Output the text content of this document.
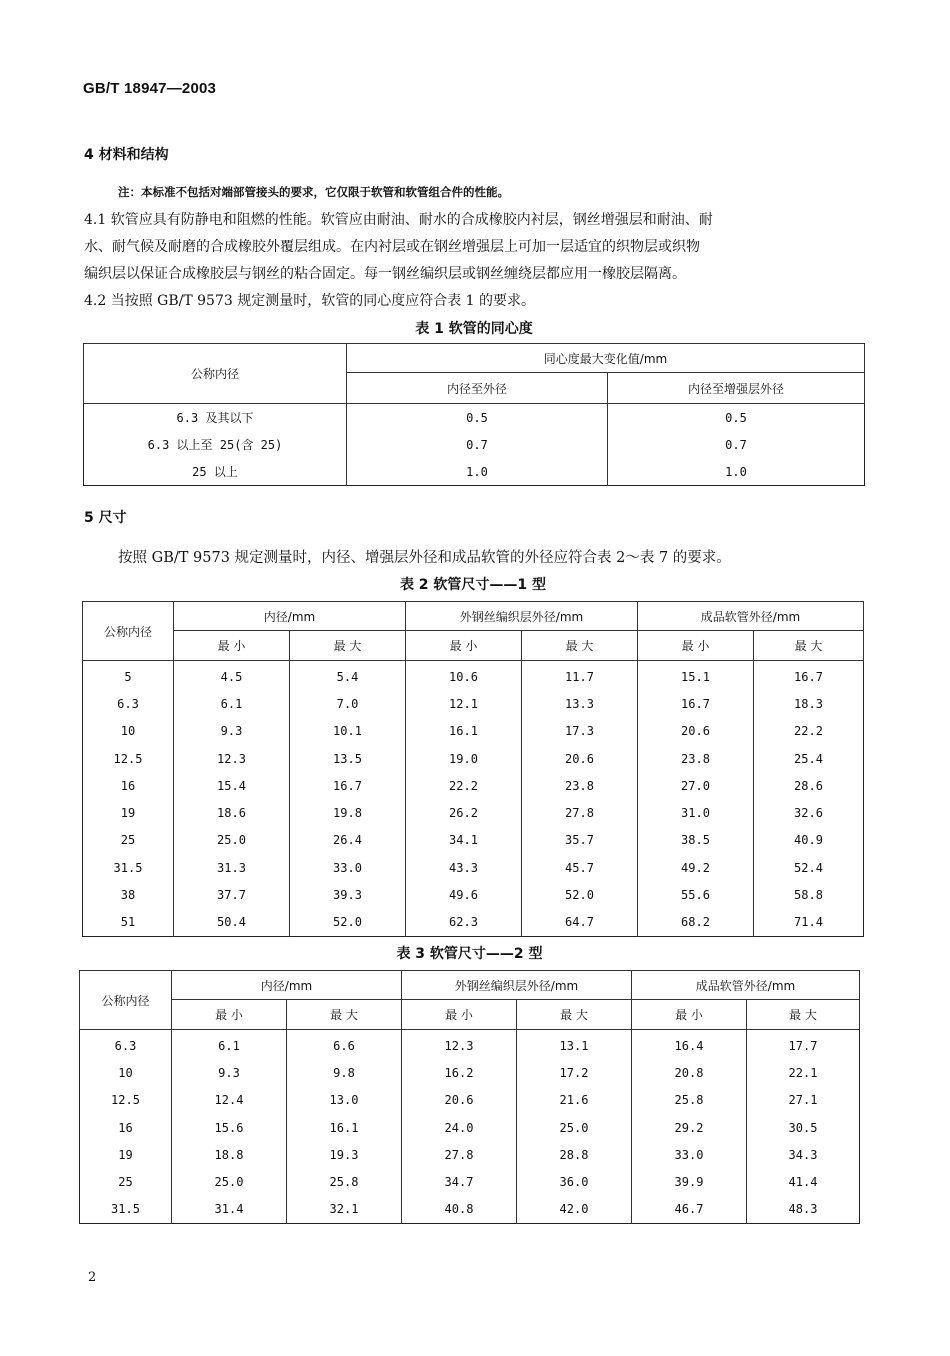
GB/T 18947—2003
4 材料和结构
注：本标准不包括对端部管接头的要求，它仅限于软管和软管组合件的性能。
4.1 软管应具有防静电和阻燃的性能。软管应由耐油、耐水的合成橡胶内衬层，钢丝增强层和耐油、耐
水、耐气候及耐磨的合成橡胶外覆层组成。在内衬层或在钢丝增强层上可加一层适宜的织物层或织物
编织层以保证合成橡胶层与钢丝的粘合固定。每一钢丝编织层或钢丝缠绕层都应用一橡胶层隔离。
4.2 当按照 GB/T 9573 规定测量时，软管的同心度应符合表 1 的要求。
表 1 软管的同心度
公称内径	同心度最大变化值/mm	
	内径至外径	内径至增强层外径
6.3 及其以下	0.5	0.5
6.3 以上至 25(含 25)	0.7	0.7
25 以上	1.0	1.0
5 尺寸
按照 GB/T 9573 规定测量时，内径、增强层外径和成品软管的外径应符合表 2～表 7 的要求。
表 2 软管尺寸——1 型
公称内径	内径/mm		外钢丝编织层外径/mm		成品软管外径/mm	
	最 小	最 大	最 小	最 大	最 小	最 大
5	4.5	5.4	10.6	11.7	15.1	16.7
6.3	6.1	7.0	12.1	13.3	16.7	18.3
10	9.3	10.1	16.1	17.3	20.6	22.2
12.5	12.3	13.5	19.0	20.6	23.8	25.4
16	15.4	16.7	22.2	23.8	27.0	28.6
19	18.6	19.8	26.2	27.8	31.0	32.6
25	25.0	26.4	34.1	35.7	38.5	40.9
31.5	31.3	33.0	43.3	45.7	49.2	52.4
38	37.7	39.3	49.6	52.0	55.6	58.8
51	50.4	52.0	62.3	64.7	68.2	71.4
表 3 软管尺寸——2 型
公称内径	内径/mm		外钢丝编织层外径/mm		成品软管外径/mm	
	最 小	最 大	最 小	最 大	最 小	最 大
6.3	6.1	6.6	12.3	13.1	16.4	17.7
10	9.3	9.8	16.2	17.2	20.8	22.1
12.5	12.4	13.0	20.6	21.6	25.8	27.1
16	15.6	16.1	24.0	25.0	29.2	30.5
19	18.8	19.3	27.8	28.8	33.0	34.3
25	25.0	25.8	34.7	36.0	39.9	41.4
31.5	31.4	32.1	40.8	42.0	46.7	48.3
2
